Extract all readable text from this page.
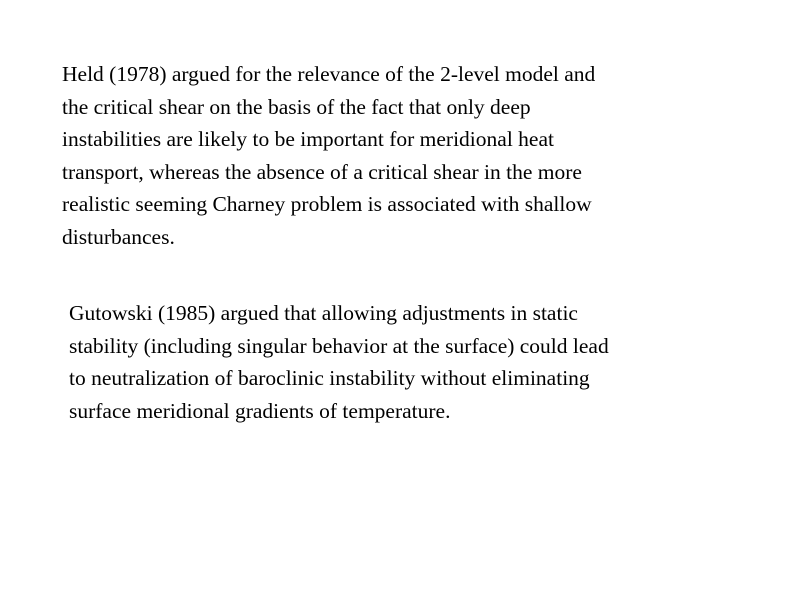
Held (1978) argued for the relevance of the 2-level model and
the critical shear on the basis of the fact that only deep
instabilities are likely to be important for meridional heat
transport, whereas the absence of a critical shear in the more
realistic seeming Charney problem is associated with shallow
disturbances.

Gutowski (1985) argued that allowing adjustments in static
stability (including singular behavior at the surface) could lead
to neutralization of baroclinic instability without eliminating
surface meridional gradients of temperature.
